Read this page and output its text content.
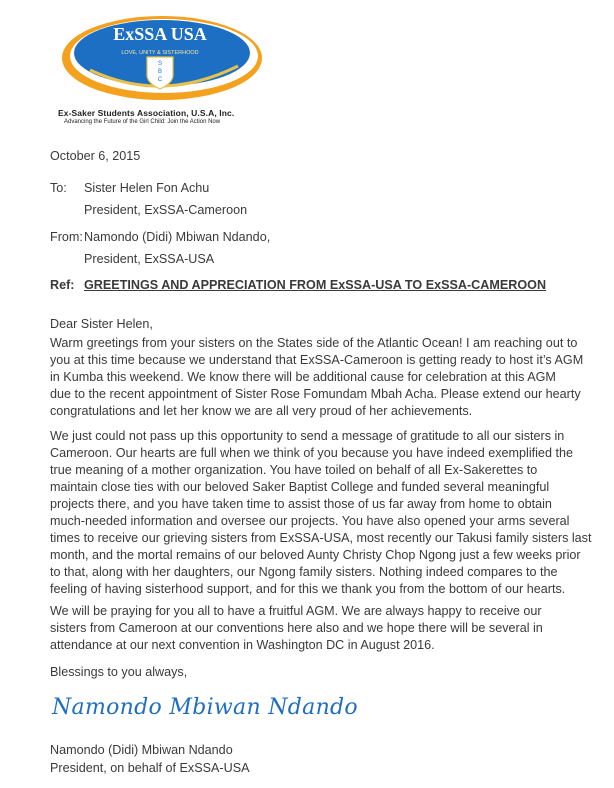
ExSSA USA
LOVE, UNITY & SISTERHOOD
S
B
C
Ex-Saker Students Association, U.S.A, Inc.
Advancing the Future of the Girl Child: Join the Action Now
October 6, 2015
To: Sister Helen Fon Achu
President, ExSSA-Cameroon
From: Namondo (Didi) Mbiwan Ndando,
President, ExSSA-USA
Ref: GREETINGS AND APPRECIATION FROM ExSSA-USA TO ExSSA-CAMEROON
Dear Sister Helen,

Warm greetings from your sisters on the States side of the Atlantic Ocean! I am reaching out to

you at this time because we understand that ExSSA-Cameroon is getting ready to host it’s AGM

in Kumba this weekend. We know there will be additional cause for celebration at this AGM

due to the recent appointment of Sister Rose Fomundam Mbah Acha. Please extend our hearty

congratulations and let her know we are all very proud of her achievements.

We just could not pass up this opportunity to send a message of gratitude to all our sisters in

Cameroon. Our hearts are full when we think of you because you have indeed exemplified the

true meaning of a mother organization. You have toiled on behalf of all Ex-Sakerettes to

maintain close ties with our beloved Saker Baptist College and funded several meaningful

projects there, and you have taken time to assist those of us far away from home to obtain

much-needed information and oversee our projects. You have also opened your arms several

times to receive our grieving sisters from ExSSA-USA, most recently our Takusi family sisters last

month, and the mortal remains of our beloved Aunty Christy Chop Ngong just a few weeks prior

to that, along with her daughters, our Ngong family sisters. Nothing indeed compares to the

feeling of having sisterhood support, and for this we thank you from the bottom of our hearts.

We will be praying for you all to have a fruitful AGM. We are always happy to receive our

sisters from Cameroon at our conventions here also and we hope there will be several in

attendance at our next convention in Washington DC in August 2016.

Blessings to you always,
Namondo Mbiwan Ndando
Namondo (Didi) Mbiwan Ndando
President, on behalf of ExSSA-USA
